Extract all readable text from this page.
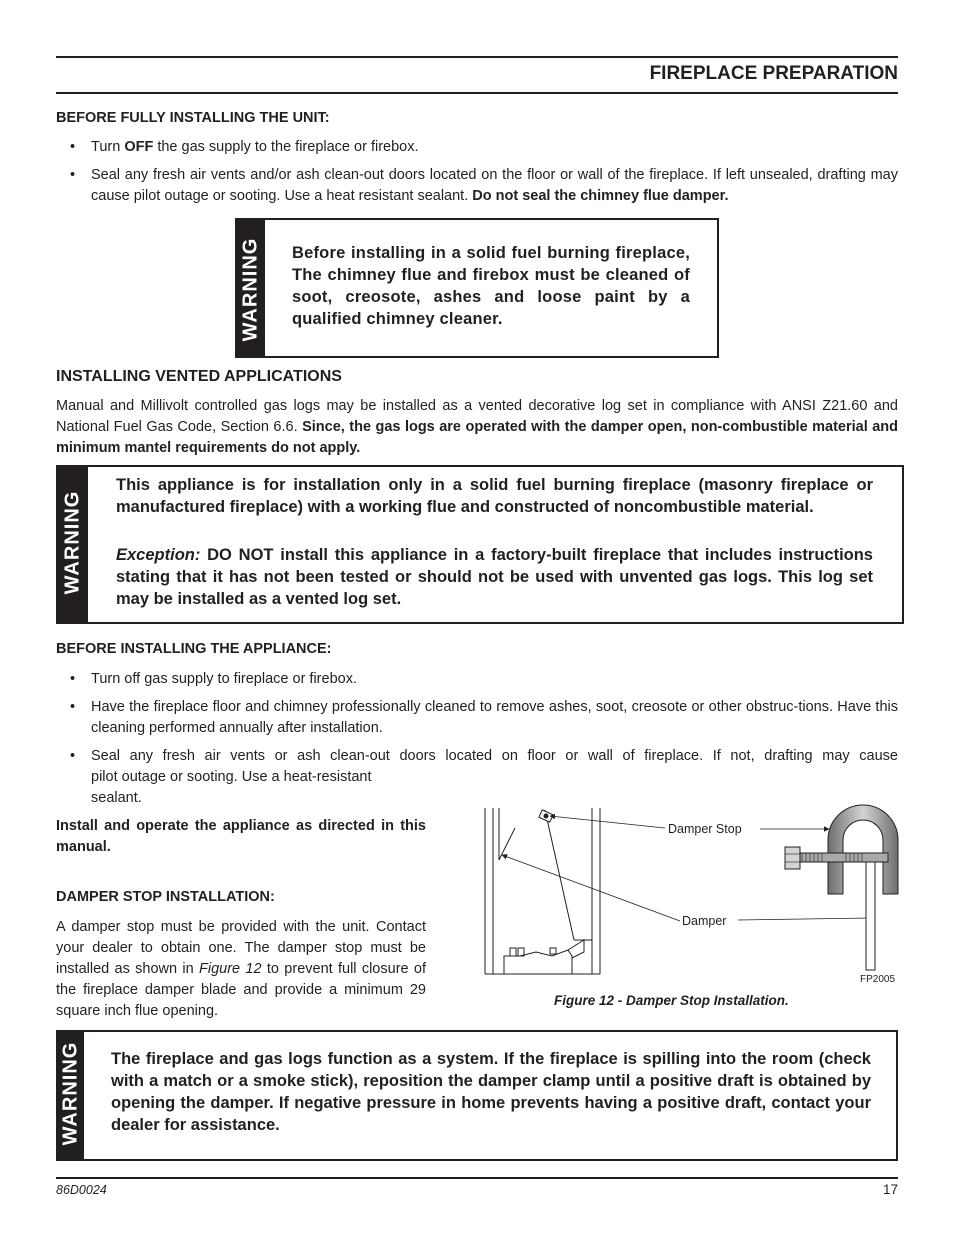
FIREPLACE PREPARATION
BEFORE FULLY INSTALLING THE UNIT:
• Turn OFF the gas supply to the fireplace or firebox.
• Seal any fresh air vents and/or ash clean-out doors located on the floor or wall of the fireplace. If left unsealed, drafting may cause pilot outage or sooting. Use a heat resistant sealant. Do not seal the chimney flue damper.
WARNING Before installing in a solid fuel burning fireplace, The chimney flue and firebox must be cleaned of soot, creosote, ashes and loose paint by a qualified chimney cleaner.
INSTALLING VENTED APPLICATIONS
Manual and Millivolt controlled gas logs may be installed as a vented decorative log set in compliance with ANSI Z21.60 and National Fuel Gas Code, Section 6.6. Since, the gas logs are operated with the damper open, non-combustible material and minimum mantel requirements do not apply.
WARNING
This appliance is for installation only in a solid fuel burning fireplace (masonry fireplace or manufactured fireplace) with a working flue and constructed of noncombustible material.
Exception: DO NOT install this appliance in a factory-built fireplace that includes instructions stating that it has not been tested or should not be used with unvented gas logs. This log set may be installed as a vented log set.
BEFORE INSTALLING THE APPLIANCE:
• Turn off gas supply to fireplace or firebox.
• Have the fireplace floor and chimney professionally cleaned to remove ashes, soot, creosote or other obstruc-tions. Have this cleaning performed annually after installation.
• Seal any fresh air vents or ash clean-out doors located on floor or wall of fireplace. If not, drafting may cause
pilot outage or sooting. Use a heat-resistant
sealant.
Install and operate the appliance as directed in this manual.
DAMPER STOP INSTALLATION:
A damper stop must be provided with the unit. Contact your dealer to obtain one. The damper stop must be installed as shown in Figure 12 to prevent full closure of the fireplace damper blade and provide a minimum 29 square inch flue opening.
Damper Stop
Damper
FP2005
Figure 12 - Damper Stop Installation.
WARNING The fireplace and gas logs function as a system. If the fireplace is spilling into the room (check with a match or a smoke stick), reposition the damper clamp until a positive draft is obtained by opening the damper. If negative pressure in home prevents having a positive draft, contact your dealer for assistance.
86D0024	17
